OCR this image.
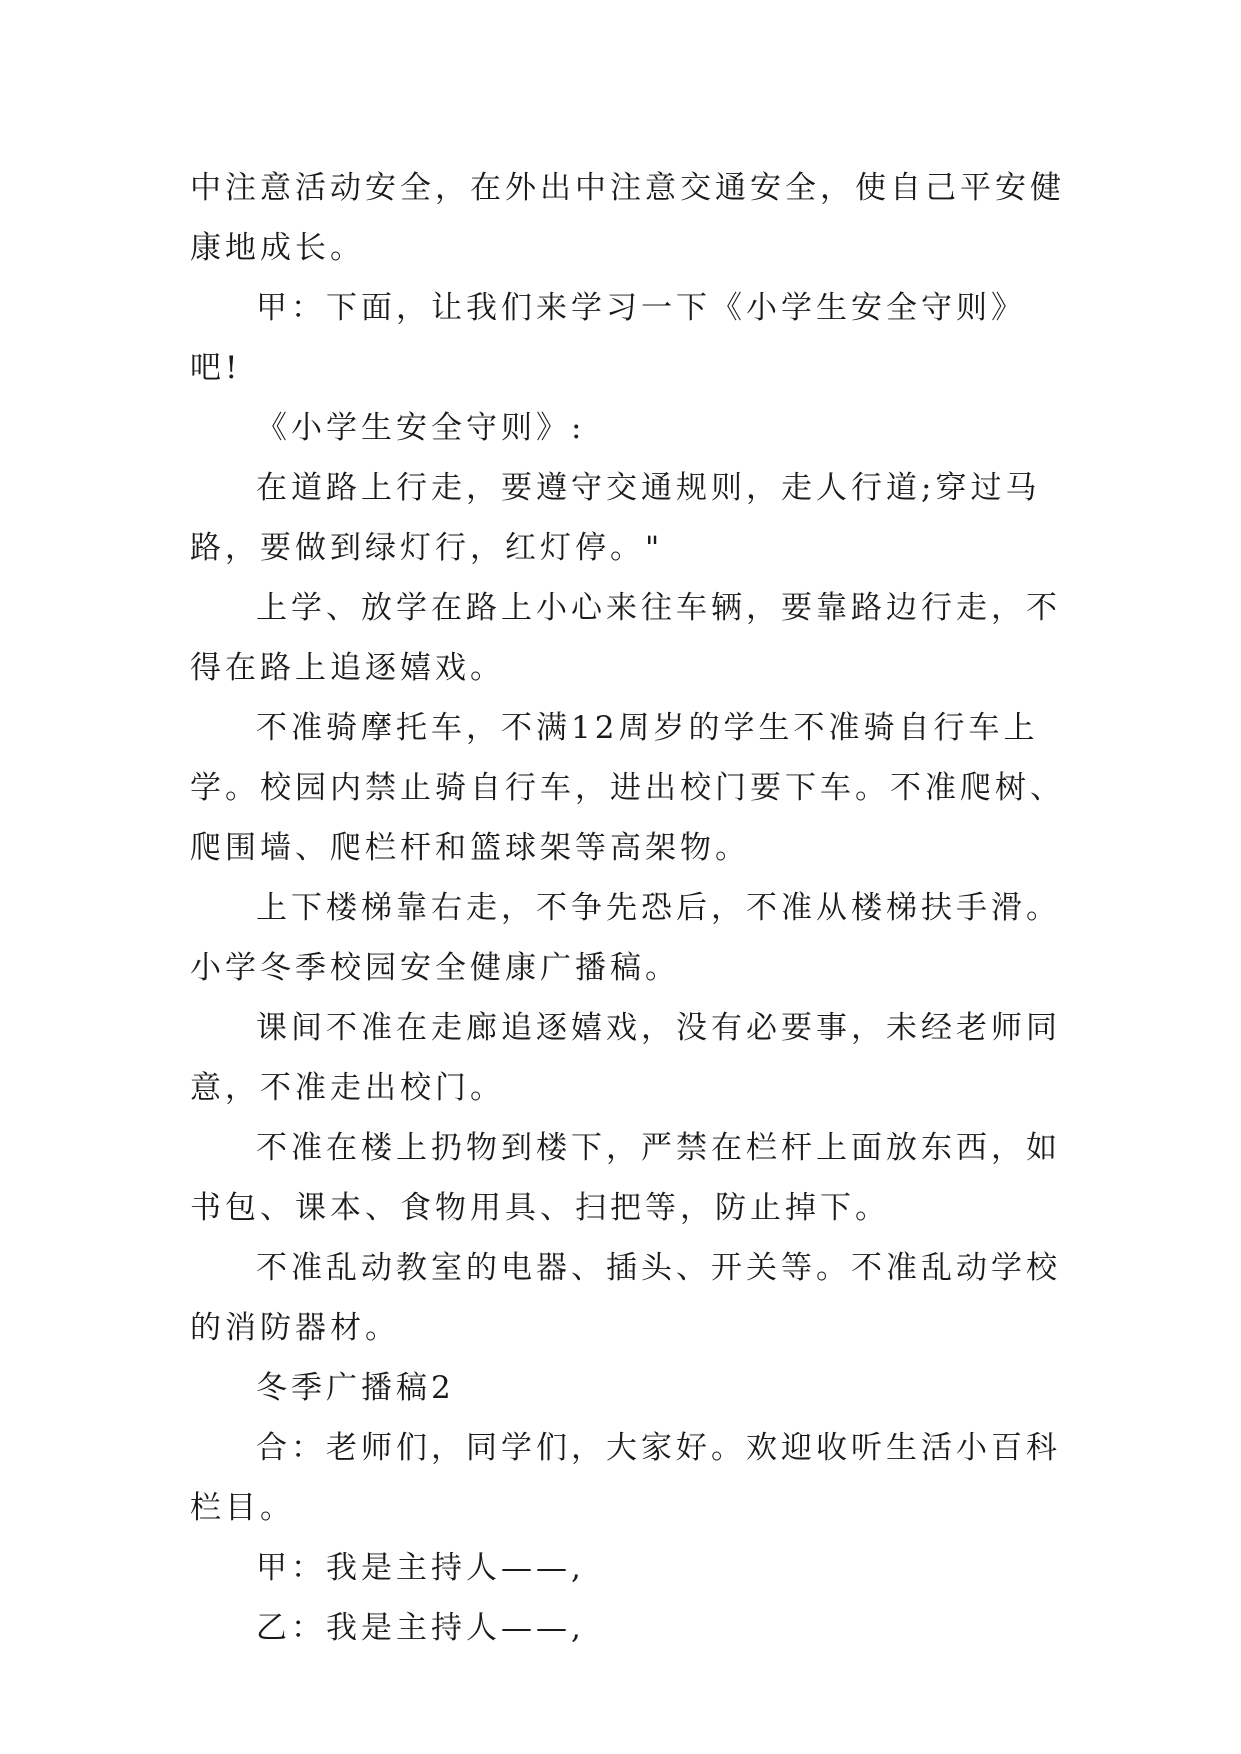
中注意活动安全，在外出中注意交通安全，使自己平安健康地成长。

甲：下面，让我们来学习一下《小学生安全守则》吧!

《小学生安全守则》:

在道路上行走，要遵守交通规则，走人行道;穿过马路，要做到绿灯行，红灯停。"

上学、放学在路上小心来往车辆，要靠路边行走，不得在路上追逐嬉戏。

不准骑摩托车，不满12周岁的学生不准骑自行车上学。校园内禁止骑自行车，进出校门要下车。不准爬树、爬围墙、爬栏杆和篮球架等高架物。

上下楼梯靠右走，不争先恐后，不准从楼梯扶手滑。小学冬季校园安全健康广播稿。

课间不准在走廊追逐嬉戏，没有必要事，未经老师同意，不准走出校门。

不准在楼上扔物到楼下，严禁在栏杆上面放东西，如书包、课本、食物用具、扫把等，防止掉下。

不准乱动教室的电器、插头、开关等。不准乱动学校的消防器材。

冬季广播稿2

合：老师们，同学们，大家好。欢迎收听生活小百科栏目。

甲：我是主持人——,

乙：我是主持人——,
